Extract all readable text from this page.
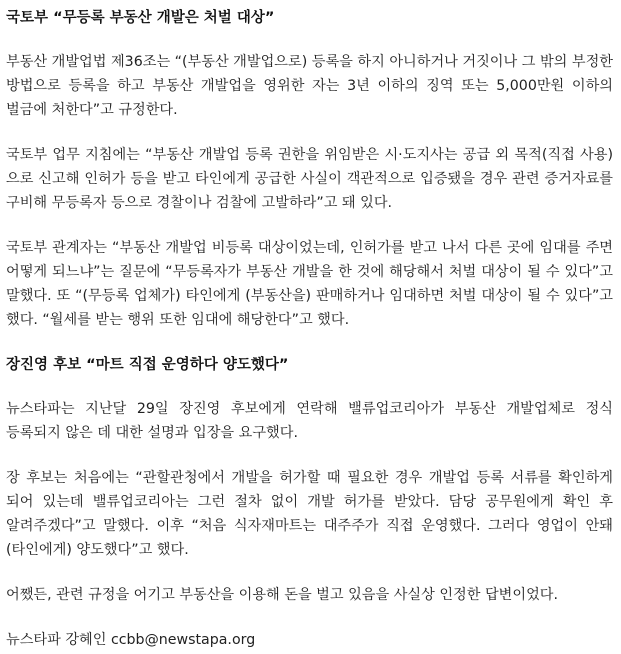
국토부 “무등록 부동산 개발은 처벌 대상”

부동산 개발업법 제36조는 “(부동산 개발업으로) 등록을 하지 아니하거나 거짓이나 그 밖의 부정한 방법으로 등록을 하고 부동산 개발업을 영위한 자는 3년 이하의 징역 또는 5,000만원 이하의 벌금에 처한다”고 규정한다.

국토부 업무 지침에는 “부동산 개발업 등록 권한을 위임받은 시·도지사는 공급 외 목적(직접 사용)으로 신고해 인허가 등을 받고 타인에게 공급한 사실이 객관적으로 입증됐을 경우 관련 증거자료를 구비해 무등록자 등으로 경찰이나 검찰에 고발하라”고 돼 있다.

국토부 관계자는 “부동산 개발업 비등록 대상이었는데, 인허가를 받고 나서 다른 곳에 임대를 주면 어떻게 되느냐”는 질문에 “무등록자가 부동산 개발을 한 것에 해당해서 처벌 대상이 될 수 있다”고 말했다. 또 “(무등록 업체가) 타인에게 (부동산을) 판매하거나 임대하면 처벌 대상이 될 수 있다”고 했다. “월세를 받는 행위 또한 임대에 해당한다”고 했다.

장진영 후보 “마트 직접 운영하다 양도했다”

뉴스타파는 지난달 29일 장진영 후보에게 연락해 밸류업코리아가 부동산 개발업체로 정식 등록되지 않은 데 대한 설명과 입장을 요구했다.

장 후보는 처음에는 “관할관청에서 개발을 허가할 때 필요한 경우 개발업 등록 서류를 확인하게 되어 있는데 밸류업코리아는 그런 절차 없이 개발 허가를 받았다. 담당 공무원에게 확인 후 알려주겠다”고 말했다. 이후 “처음 식자재마트는 대주주가 직접 운영했다. 그러다 영업이 안돼 (타인에게) 양도했다”고 했다.

어쨌든, 관련 규정을 어기고 부동산을 이용해 돈을 벌고 있음을 사실상 인정한 답변이었다.

뉴스타파 강혜인 ccbb@newstapa.org
